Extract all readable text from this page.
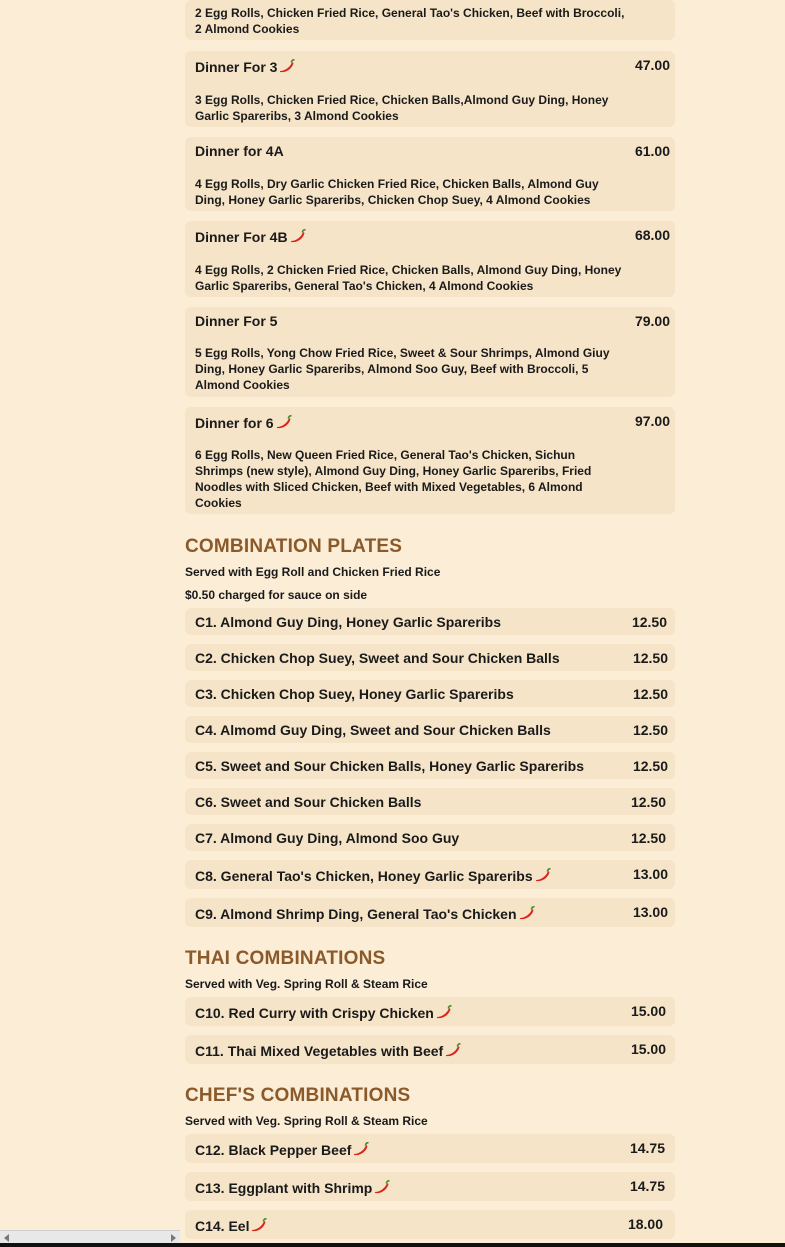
2 Egg Rolls, Chicken Fried Rice, General Tao's Chicken, Beef with Broccoli, 2 Almond Cookies
Dinner For 3	47.00
3 Egg Rolls, Chicken Fried Rice, Chicken Balls,Almond Guy Ding, Honey Garlic Spareribs, 3 Almond Cookies
Dinner for 4A	61.00
4 Egg Rolls, Dry Garlic Chicken Fried Rice, Chicken Balls, Almond Guy Ding, Honey Garlic Spareribs, Chicken Chop Suey, 4 Almond Cookies
Dinner For 4B	68.00
4 Egg Rolls, 2 Chicken Fried Rice, Chicken Balls, Almond Guy Ding, Honey Garlic Spareribs, General Tao's Chicken, 4 Almond Cookies
Dinner For 5	79.00
5 Egg Rolls, Yong Chow Fried Rice, Sweet & Sour Shrimps, Almond Giuy Ding, Honey Garlic Spareribs, Almond Soo Guy, Beef with Broccoli, 5 Almond Cookies
Dinner for 6	97.00
6 Egg Rolls, New Queen Fried Rice, General Tao's Chicken, Sichun Shrimps (new style), Almond Guy Ding, Honey Garlic Spareribs, Fried Noodles with Sliced Chicken, Beef with Mixed Vegetables, 6 Almond Cookies
COMBINATION PLATES
Served with Egg Roll and Chicken Fried Rice
$0.50 charged for sauce on side
C1. Almond Guy Ding, Honey Garlic Spareribs	12.50
C2. Chicken Chop Suey, Sweet and Sour Chicken Balls	12.50
C3. Chicken Chop Suey, Honey Garlic Spareribs	12.50
C4. Almomd Guy Ding, Sweet and Sour Chicken Balls	12.50
C5. Sweet and Sour Chicken Balls, Honey Garlic Spareribs	12.50
C6. Sweet and Sour Chicken Balls	12.50
C7. Almond Guy Ding, Almond Soo Guy	12.50
C8. General Tao's Chicken, Honey Garlic Spareribs	13.00
C9. Almond Shrimp Ding, General Tao's Chicken	13.00
THAI COMBINATIONS
Served with Veg. Spring Roll & Steam Rice
C10. Red Curry with Crispy Chicken	15.00
C11. Thai Mixed Vegetables with Beef	15.00
CHEF'S COMBINATIONS
Served with Veg. Spring Roll & Steam Rice
C12. Black Pepper Beef	14.75
C13. Eggplant with Shrimp	14.75
C14. Eel	18.00
